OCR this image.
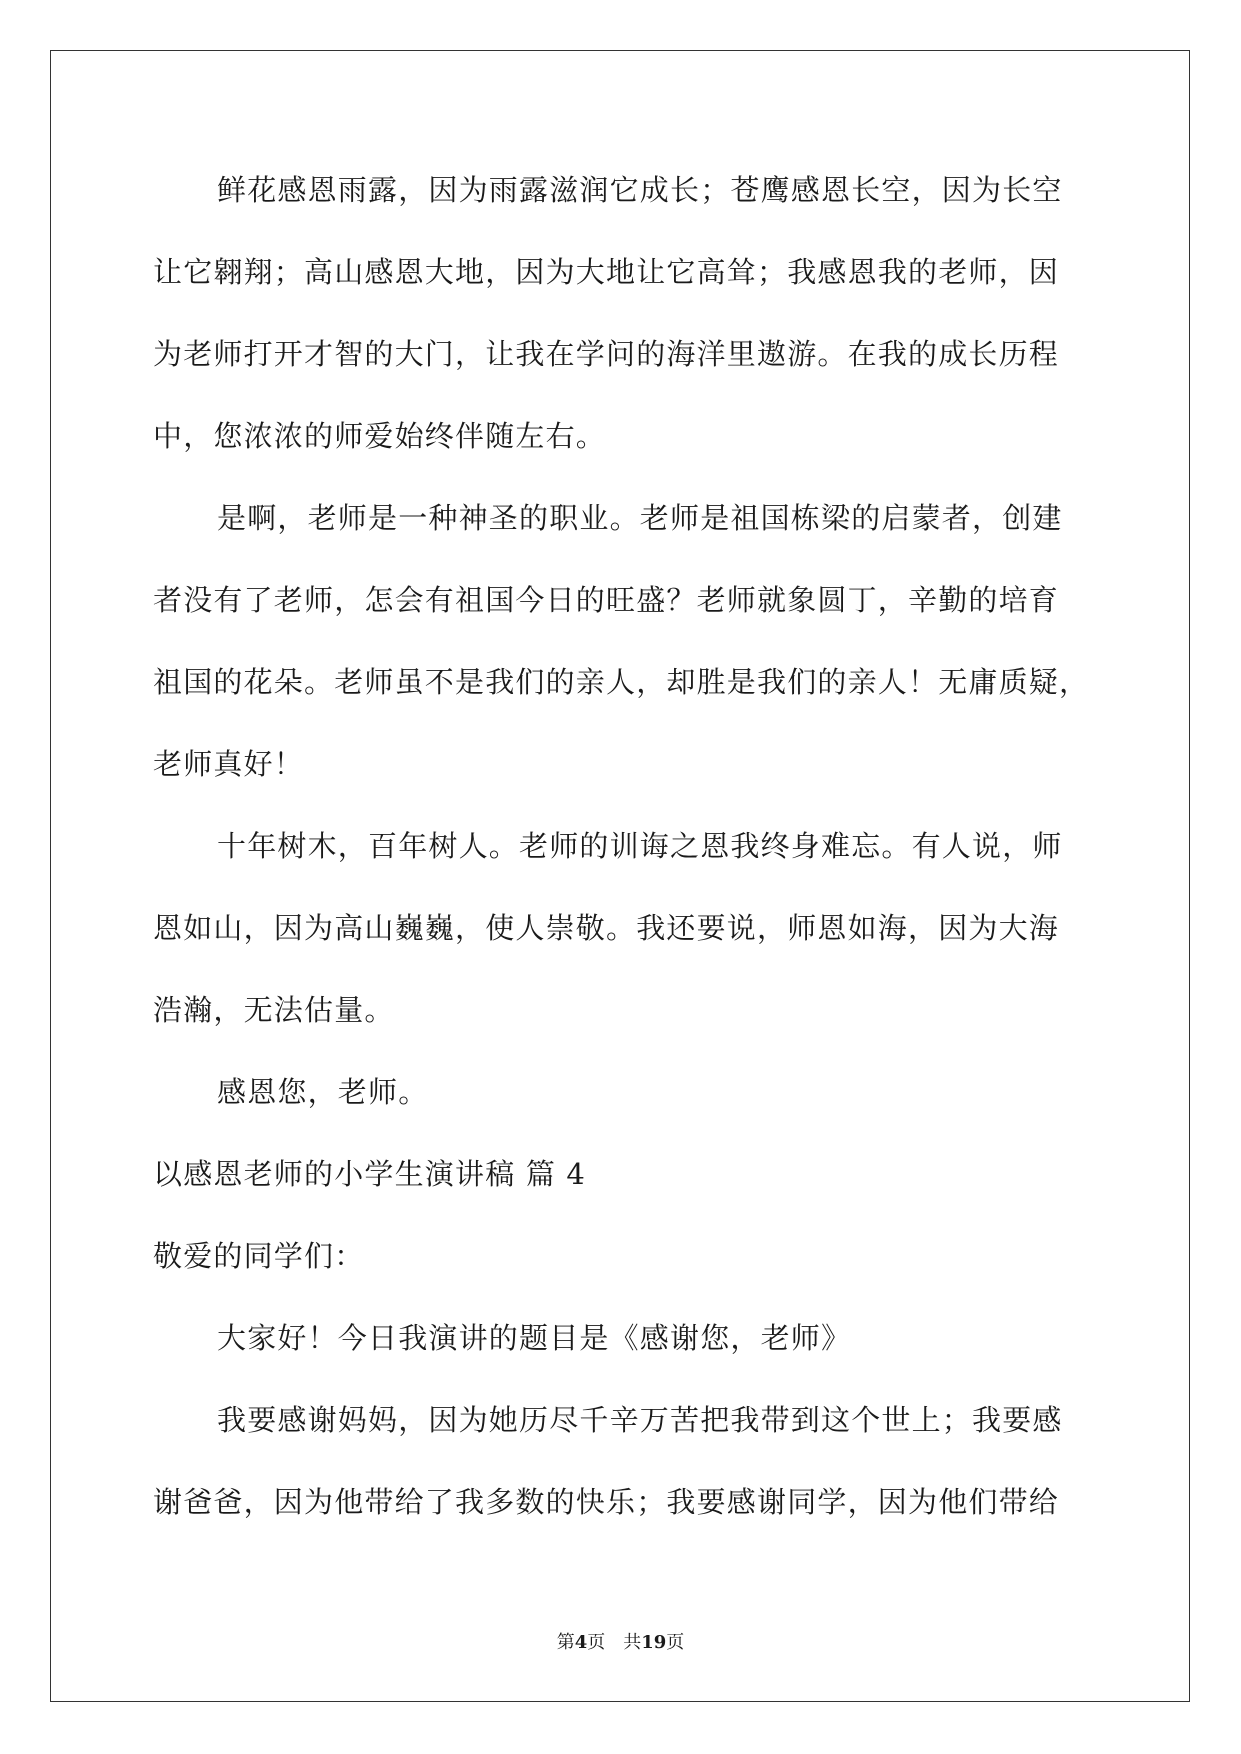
鲜花感恩雨露，因为雨露滋润它成长；苍鹰感恩长空，因为长空
让它翱翔；高山感恩大地，因为大地让它高耸；我感恩我的老师，因
为老师打开才智的大门，让我在学问的海洋里遨游。在我的成长历程
中，您浓浓的师爱始终伴随左右。
是啊，老师是一种神圣的职业。老师是祖国栋梁的启蒙者，创建
者没有了老师，怎会有祖国今日的旺盛？老师就象圆丁，辛勤的培育
祖国的花朵。老师虽不是我们的亲人，却胜是我们的亲人！无庸质疑，
老师真好！
十年树木，百年树人。老师的训诲之恩我终身难忘。有人说，师
恩如山，因为高山巍巍，使人崇敬。我还要说，师恩如海，因为大海
浩瀚，无法估量。
感恩您，老师。
以感恩老师的小学生演讲稿 篇 4
敬爱的同学们：
大家好！今日我演讲的题目是《感谢您，老师》
我要感谢妈妈，因为她历尽千辛万苦把我带到这个世上；我要感
谢爸爸，因为他带给了我多数的快乐；我要感谢同学，因为他们带给
第4页　共19页
